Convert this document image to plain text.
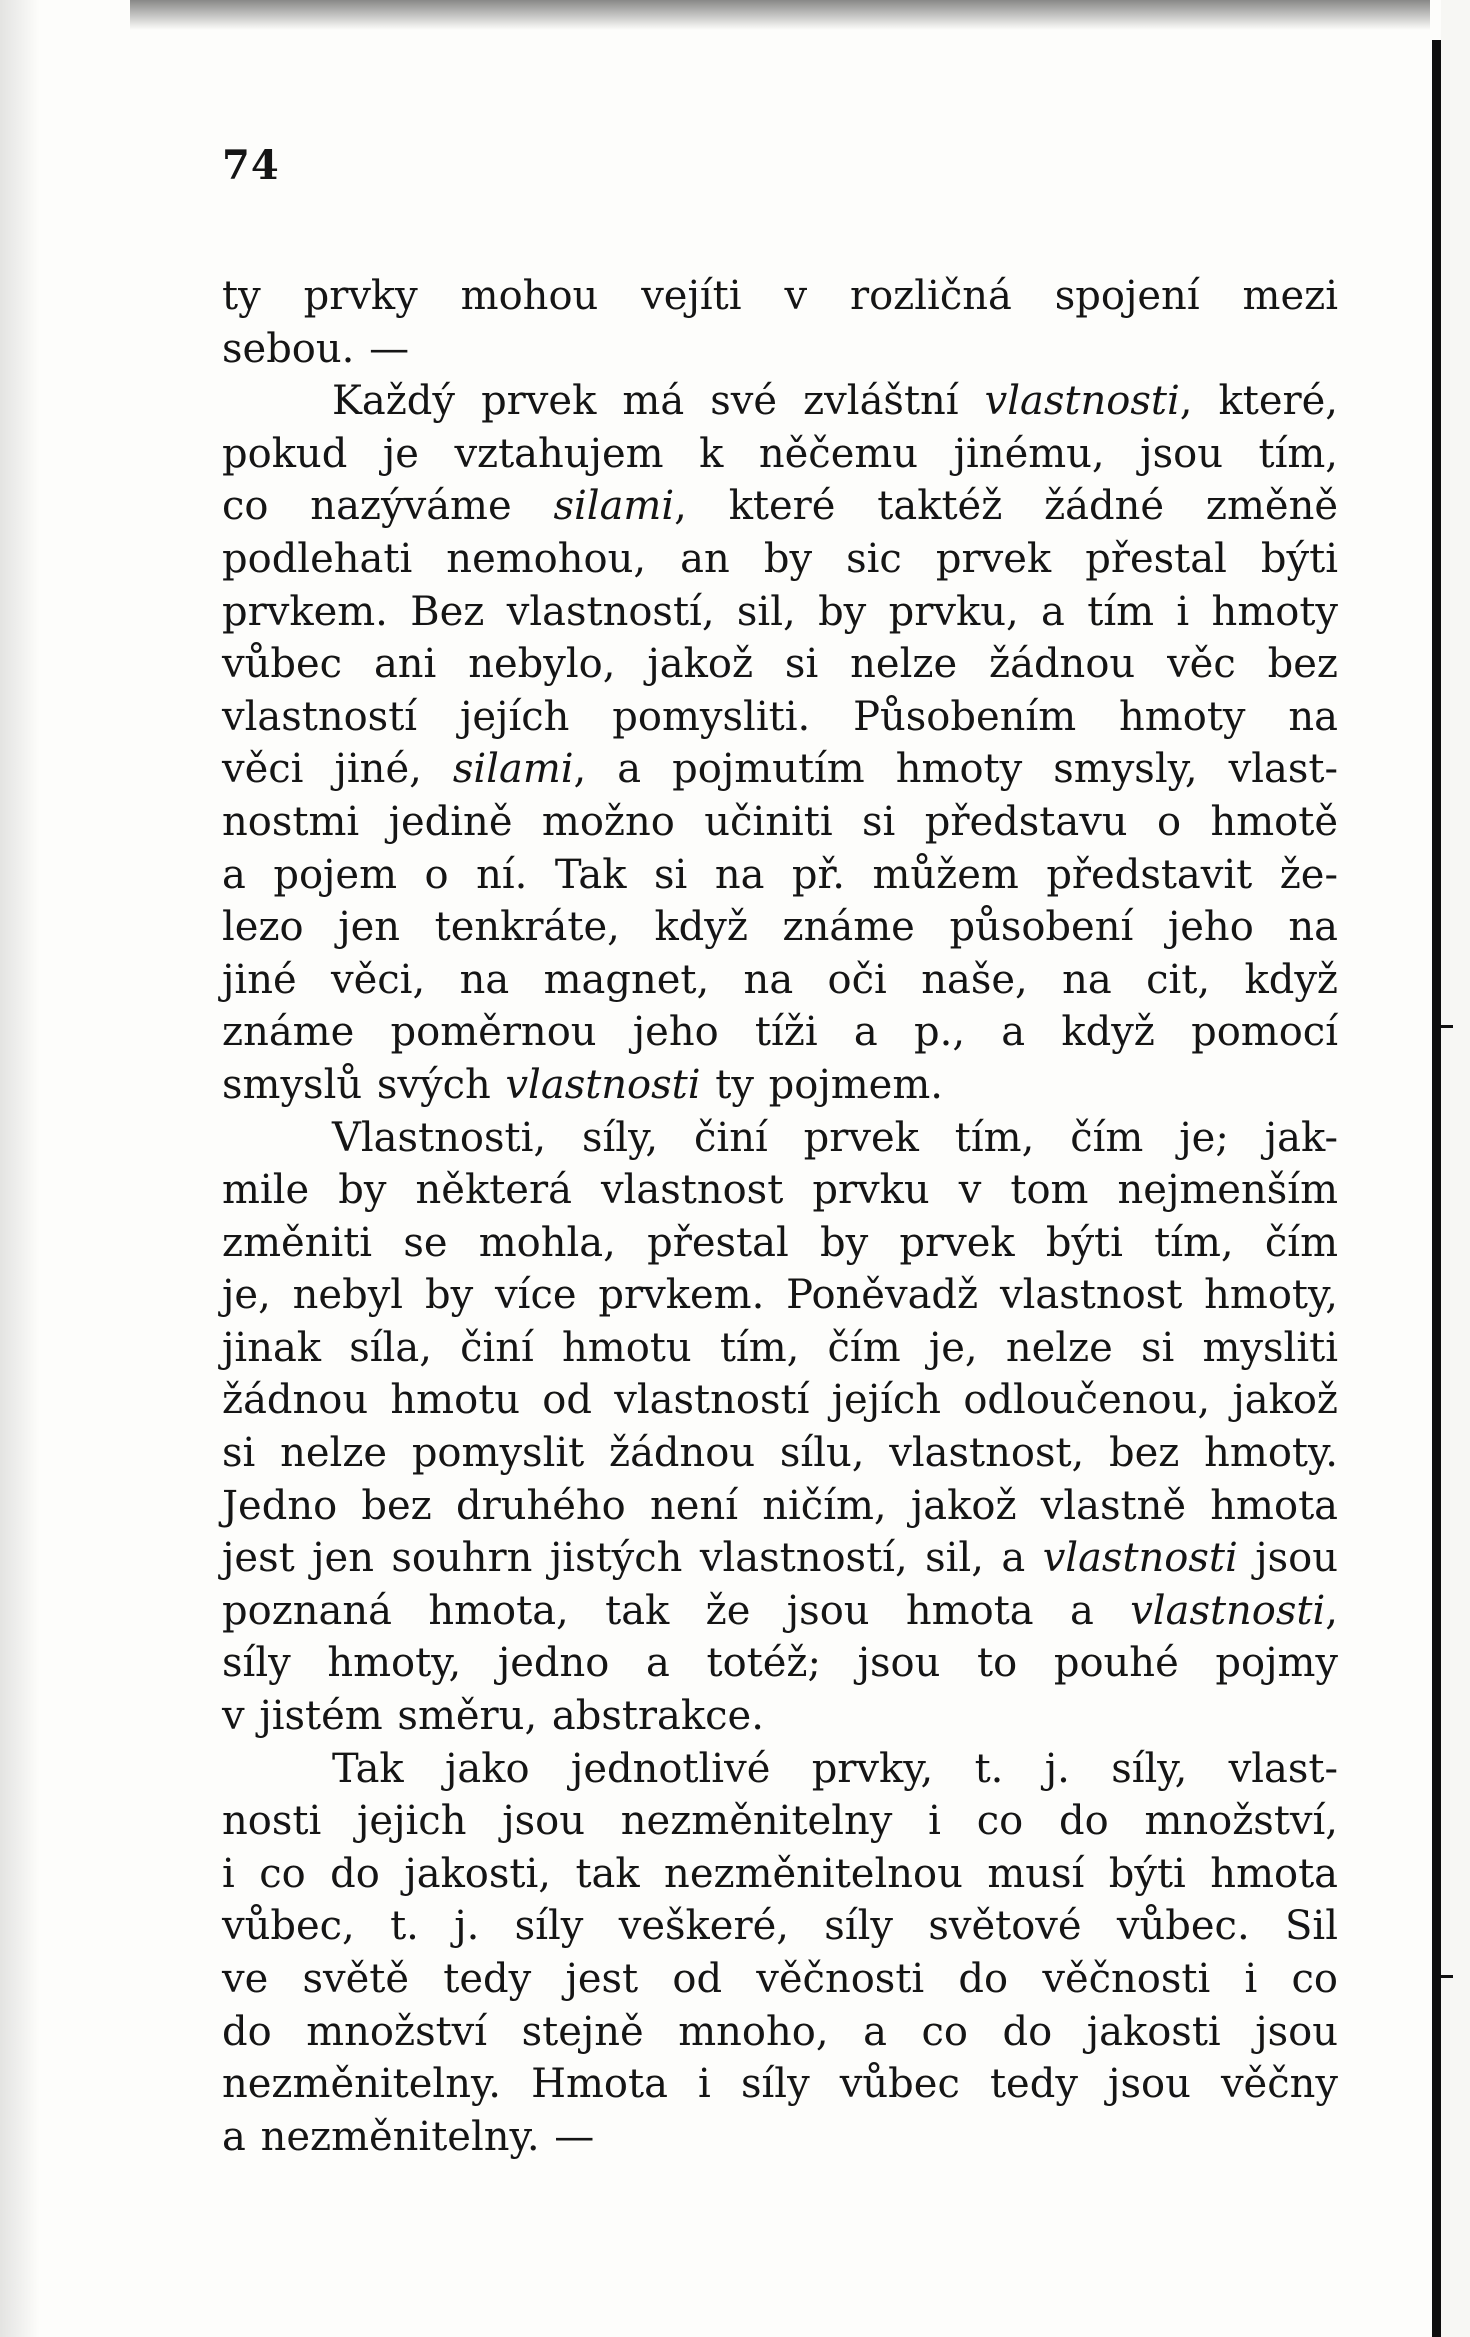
74
ty prvky mohou vejíti v rozličná spojení mezi
sebou. —
Každý prvek má své zvláštní vlastnosti, které,
pokud je vztahujem k něčemu jinému, jsou tím,
co nazýváme silami, které taktéž žádné změně
podlehati nemohou, an by sic prvek přestal býti
prvkem. Bez vlastností, sil, by prvku, a tím i hmoty
vůbec ani nebylo, jakož si nelze žádnou věc bez
vlastností jejích pomysliti. Působením hmoty na
věci jiné, silami, a pojmutím hmoty smysly, vlast-
nostmi jedině možno učiniti si představu o hmotě
a pojem o ní. Tak si na př. můžem představit že-
lezo jen tenkráte, když známe působení jeho na
jiné věci, na magnet, na oči naše, na cit, když
známe poměrnou jeho tíži a p., a když pomocí
smyslů svých vlastnosti ty pojmem.
Vlastnosti, síly, činí prvek tím, čím je; jak-
mile by některá vlastnost prvku v tom nejmenším
změniti se mohla, přestal by prvek býti tím, čím
je, nebyl by více prvkem. Poněvadž vlastnost hmoty,
jinak síla, činí hmotu tím, čím je, nelze si mysliti
žádnou hmotu od vlastností jejích odloučenou, jakož
si nelze pomyslit žádnou sílu, vlastnost, bez hmoty.
Jedno bez druhého není ničím, jakož vlastně hmota
jest jen souhrn jistých vlastností, sil, a vlastnosti jsou
poznaná hmota, tak že jsou hmota a vlastnosti,
síly hmoty, jedno a totéž; jsou to pouhé pojmy
v jistém směru, abstrakce.
Tak jako jednotlivé prvky, t. j. síly, vlast-
nosti jejich jsou nezměnitelny i co do množství,
i co do jakosti, tak nezměnitelnou musí býti hmota
vůbec, t. j. síly veškeré, síly světové vůbec. Sil
ve světě tedy jest od věčnosti do věčnosti i co
do množství stejně mnoho, a co do jakosti jsou
nezměnitelny. Hmota i síly vůbec tedy jsou věčny
a nezměnitelny. —
